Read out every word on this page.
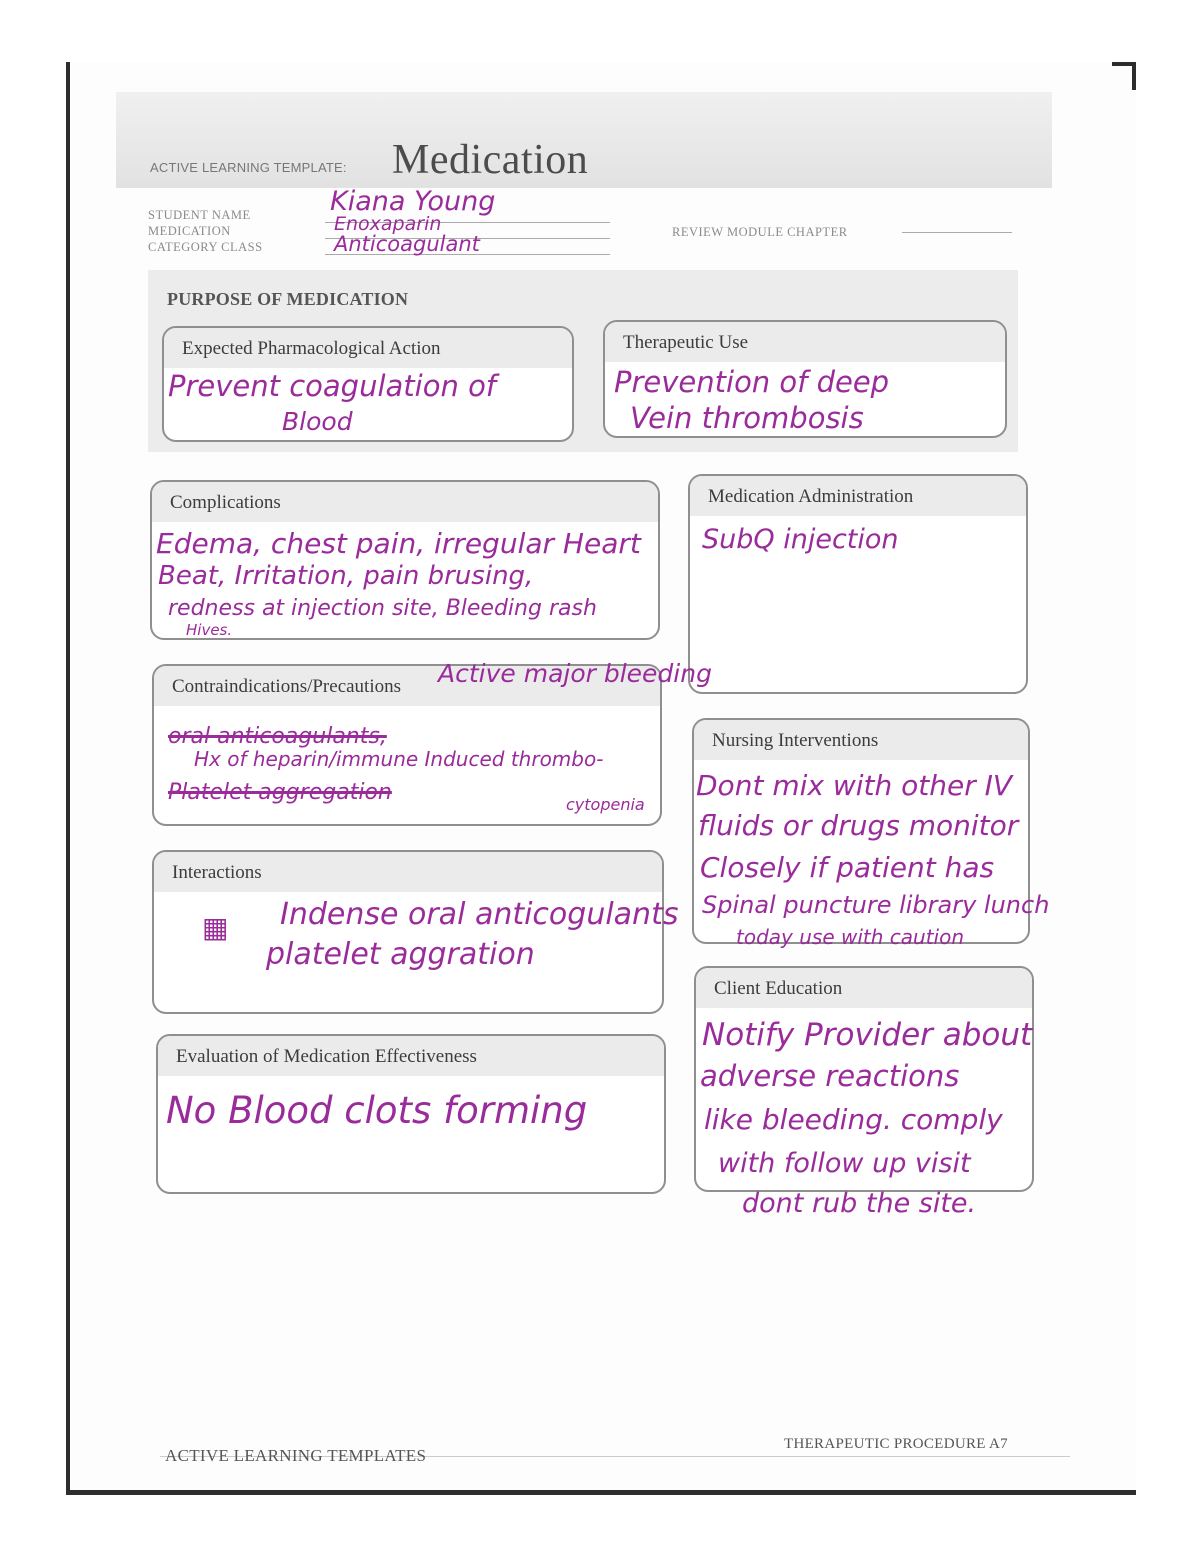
ACTIVE LEARNING TEMPLATE: Medication
STUDENT NAME
MEDICATION
CATEGORY CLASS
REVIEW MODULE CHAPTER
Kiana Young
Enoxaparin
Anticoagulant
PURPOSE OF MEDICATION
Expected Pharmacological Action
Prevent coagulation of
Blood
Therapeutic Use
Prevention of deep
Vein thrombosis
Complications
Edema, chest pain, irregular Heart
Beat, Irritation, pain brusing,
redness at injection site, Bleeding rash
Hives.
Medication Administration
SubQ injection
Contraindications/Precautions Active major bleeding
oral anticoagulants,
Hx of heparin/immune Induced thrombo-
Platelet aggregation	cytopenia
Nursing Interventions
Dont mix with other IV
fluids or drugs monitor
Closely if patient has
Spinal puncture library lunch
today use with caution
Interactions
▦ Indense oral anticogulants
platelet aggration
Client Education
Notify Provider about
adverse reactions
like bleeding. comply
with follow up visit
dont rub the site.
Evaluation of Medication Effectiveness
No Blood clots forming
ACTIVE LEARNING TEMPLATES
THERAPEUTIC PROCEDURE A7
